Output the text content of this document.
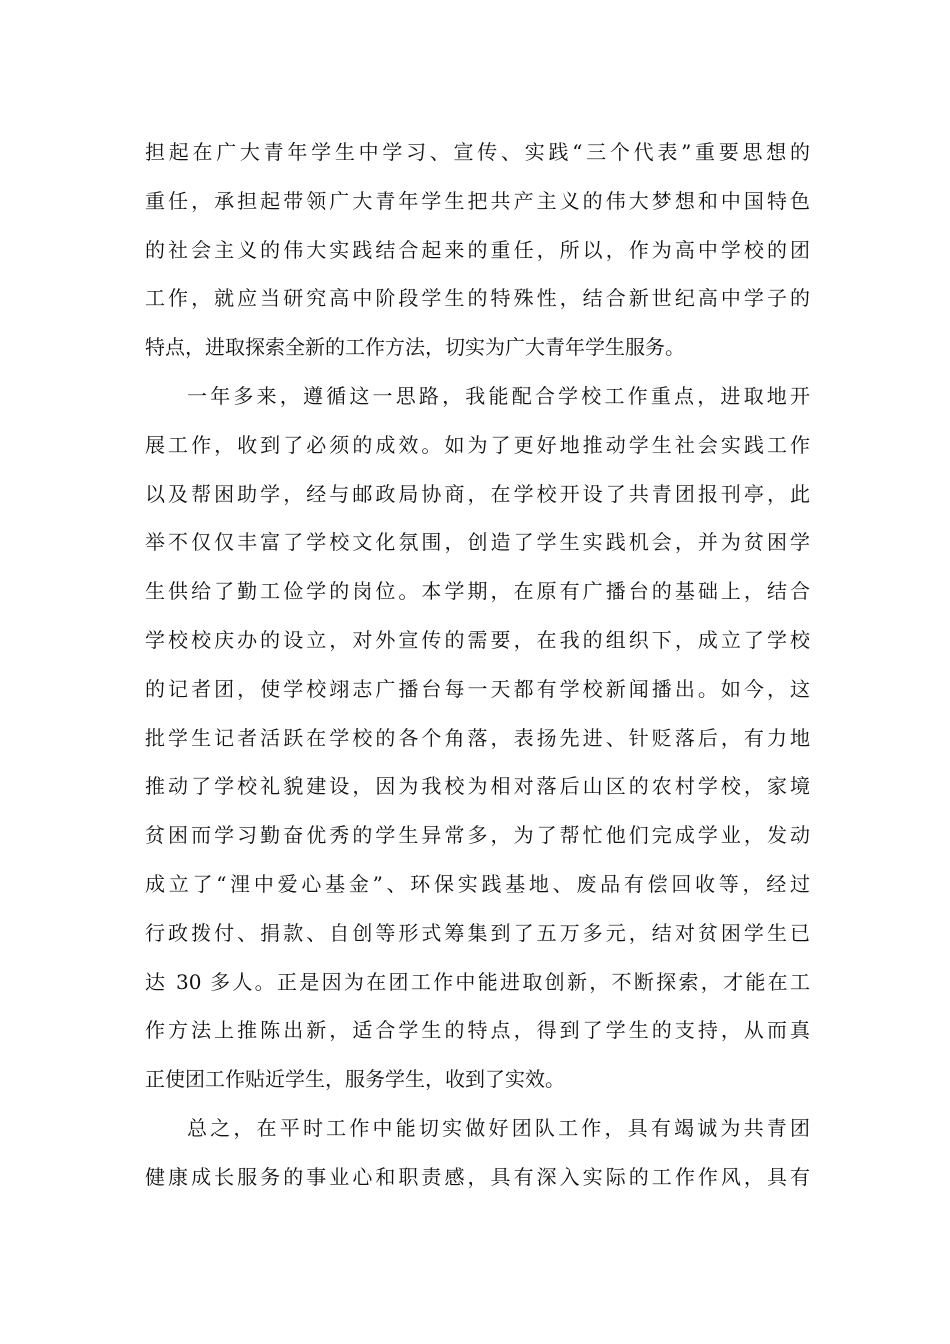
担起在广大青年学生中学习、宣传、实践“三个代表”重要思想的
重任，承担起带领广大青年学生把共产主义的伟大梦想和中国特色
的社会主义的伟大实践结合起来的重任，所以，作为高中学校的团
工作，就应当研究高中阶段学生的特殊性，结合新世纪高中学子的
特点，进取探索全新的工作方法，切实为广大青年学生服务。
一年多来，遵循这一思路，我能配合学校工作重点，进取地开
展工作，收到了必须的成效。如为了更好地推动学生社会实践工作
以及帮困助学，经与邮政局协商，在学校开设了共青团报刊亭，此
举不仅仅丰富了学校文化氛围，创造了学生实践机会，并为贫困学
生供给了勤工俭学的岗位。本学期，在原有广播台的基础上，结合
学校校庆办的设立，对外宣传的需要，在我的组织下，成立了学校
的记者团，使学校翊志广播台每一天都有学校新闻播出。如今，这
批学生记者活跃在学校的各个角落，表扬先进、针贬落后，有力地
推动了学校礼貌建设，因为我校为相对落后山区的农村学校，家境
贫困而学习勤奋优秀的学生异常多，为了帮忙他们完成学业，发动
成立了“浬中爱心基金”、环保实践基地、废品有偿回收等，经过
行政拨付、捐款、自创等形式筹集到了五万多元，结对贫困学生已
达 30 多人。正是因为在团工作中能进取创新，不断探索，才能在工
作方法上推陈出新，适合学生的特点，得到了学生的支持，从而真
正使团工作贴近学生，服务学生，收到了实效。
总之，在平时工作中能切实做好团队工作，具有竭诚为共青团
健康成长服务的事业心和职责感，具有深入实际的工作作风，具有
